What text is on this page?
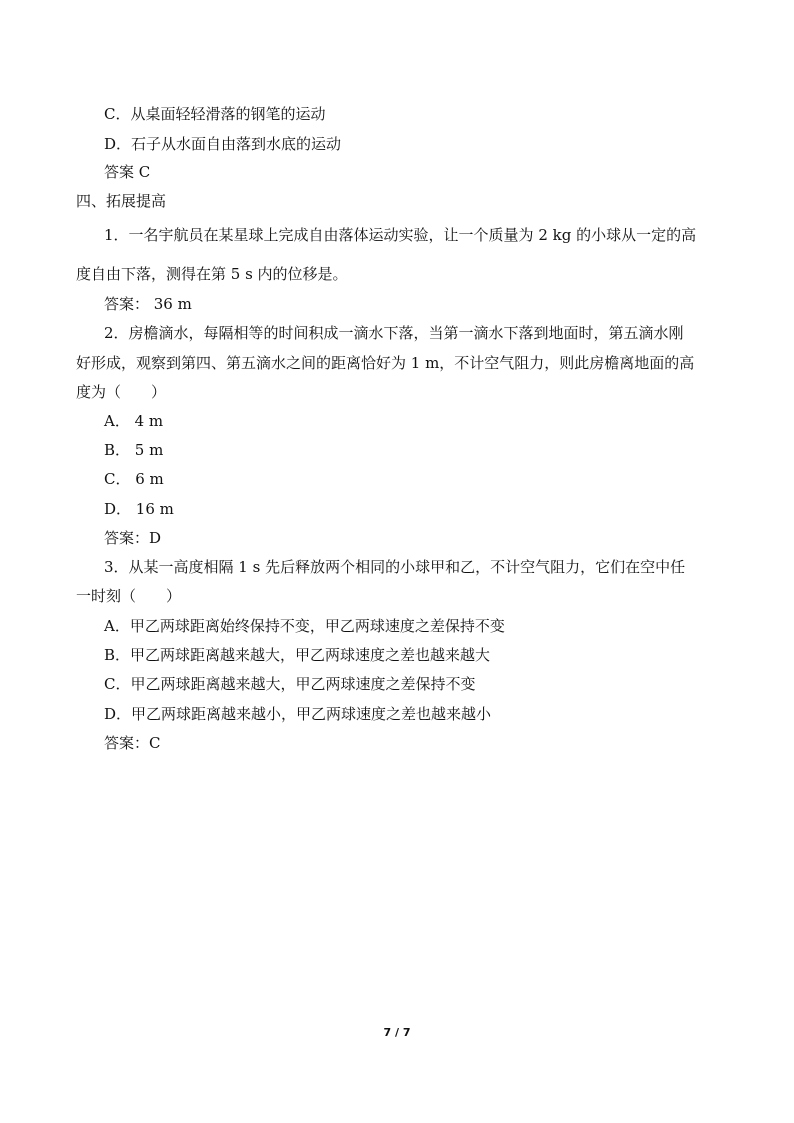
C．从桌面轻轻滑落的钢笔的运动
D．石子从水面自由落到水底的运动
答案 C
四、拓展提高
1．一名宇航员在某星球上完成自由落体运动实验，让一个质量为 2 kg 的小球从一定的高
度自由下落，测得在第 5 s 内的位移是。
答案： 36 m
2．房檐滴水，每隔相等的时间积成一滴水下落，当第一滴水下落到地面时，第五滴水刚
好形成，观察到第四、第五滴水之间的距离恰好为 1 m，不计空气阻力，则此房檐离地面的高
度为（　　）
A． 4 m
B． 5 m
C． 6 m
D． 16 m
答案：D
3．从某一高度相隔 1 s 先后释放两个相同的小球甲和乙，不计空气阻力，它们在空中任
一时刻（　　）
A．甲乙两球距离始终保持不变，甲乙两球速度之差保持不变
B．甲乙两球距离越来越大，甲乙两球速度之差也越来越大
C．甲乙两球距离越来越大，甲乙两球速度之差保持不变
D．甲乙两球距离越来越小，甲乙两球速度之差也越来越小
答案：C
7 / 7
